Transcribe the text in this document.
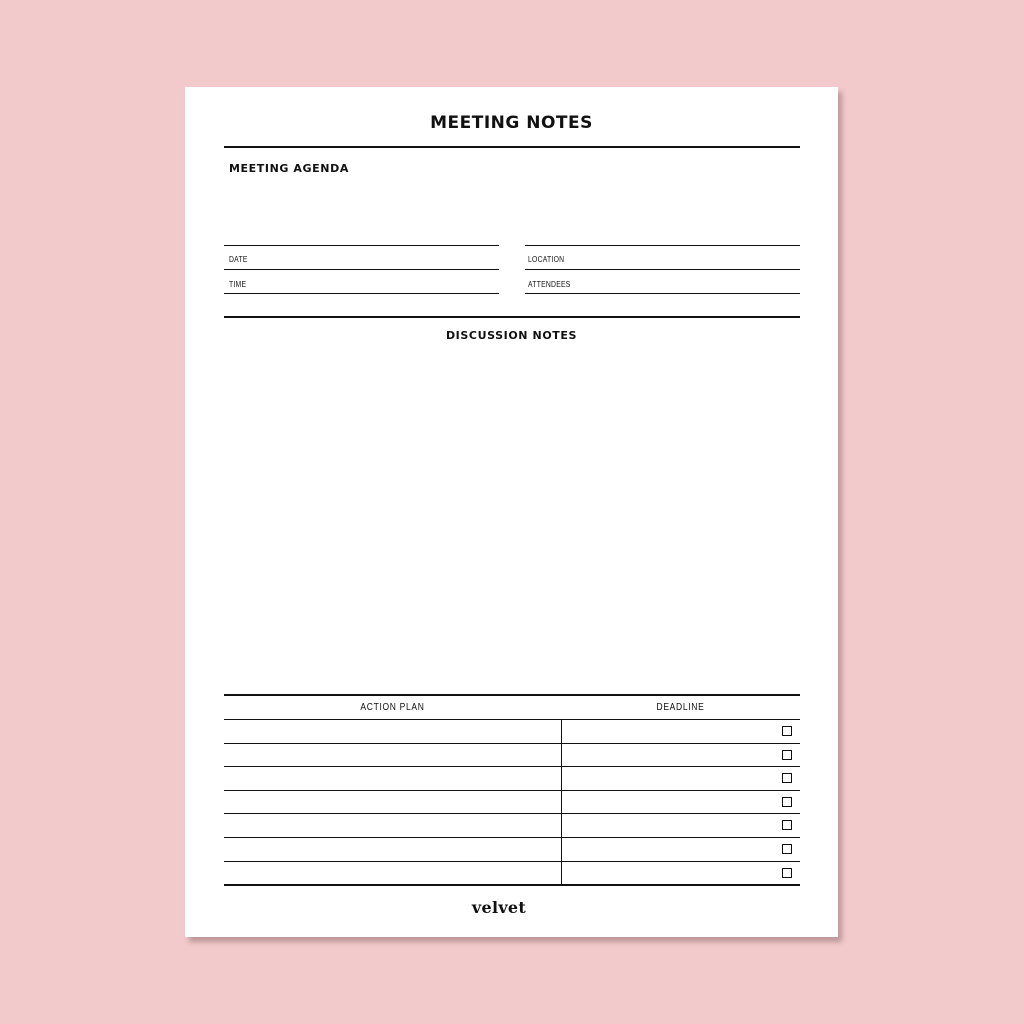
MEETING NOTES
MEETING AGENDA
DATE
TIME
LOCATION
ATTENDEES
DISCUSSION NOTES
ACTION PLAN	DEADLINE
velvet
